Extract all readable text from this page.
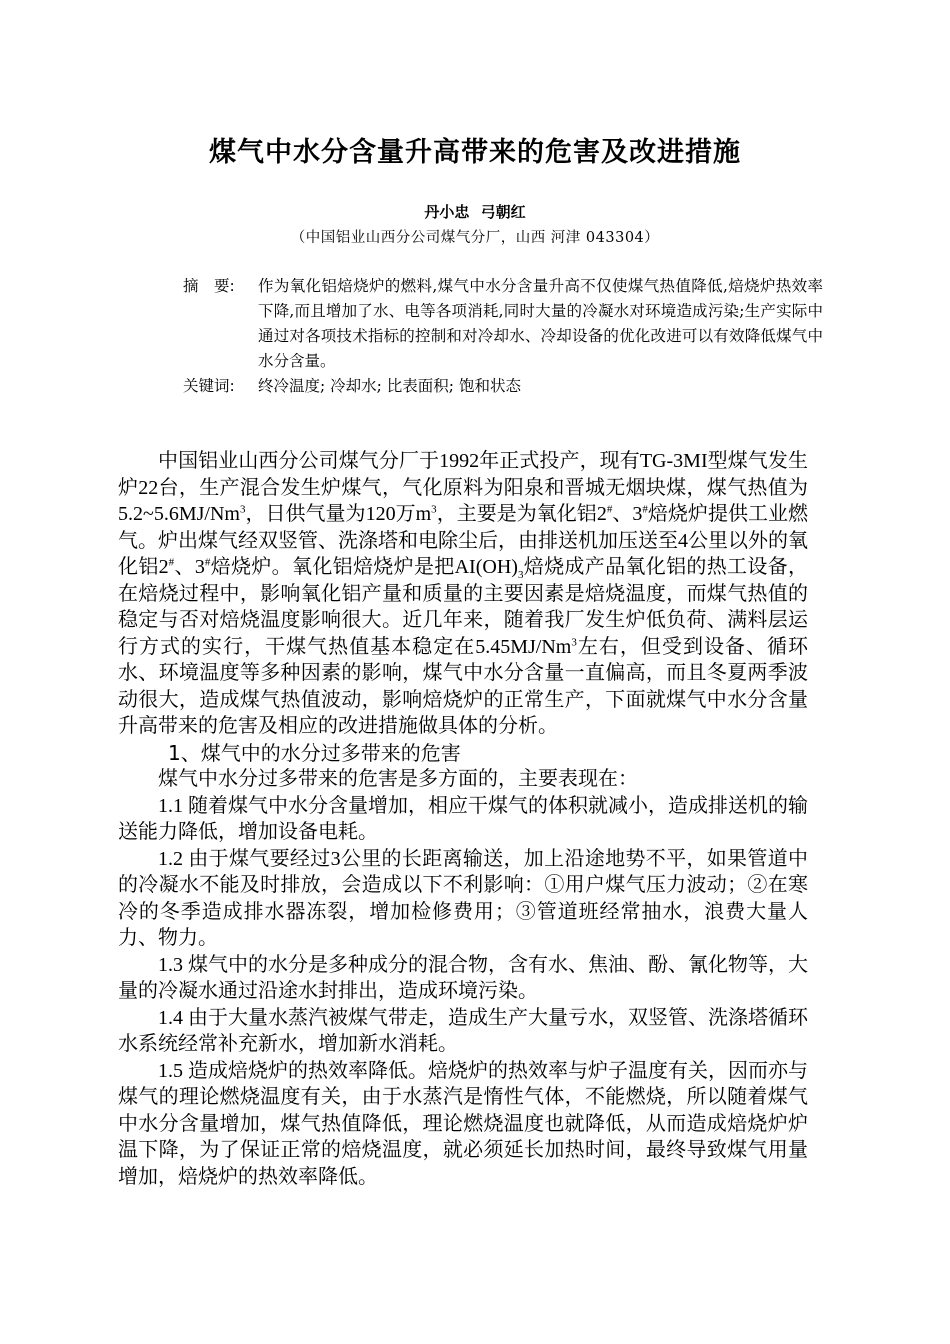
煤气中水分含量升高带来的危害及改进措施
丹小忠 弓朝红
（中国铝业山西分公司煤气分厂，山西 河津 043304）
摘　要:	作为氧化铝焙烧炉的燃料,煤气中水分含量升高不仅使煤气热值降低,焙烧炉热效率下降,而且增加了水、电等各项消耗,同时大量的冷凝水对环境造成污染;生产实际中通过对各项技术指标的控制和对冷却水、冷却设备的优化改进可以有效降低煤气中水分含量。
关键词:	终冷温度; 冷却水; 比表面积; 饱和状态

中国铝业山西分公司煤气分厂于1992年正式投产，现有TG-3MI型煤气发生炉22台，生产混合发生炉煤气，气化原料为阳泉和晋城无烟块煤，煤气热值为5.2~5.6MJ/Nm$^3$，日供气量为120万$m^3$，主要是为氧化铝2#、3#焙烧炉提供工业燃气。炉出煤气经双竖管、洗涤塔和电除尘后，由排送机加压送至4公里以外的氧化铝2#、3#焙烧炉。氧化铝焙烧炉是把$AI(OH)_3$焙烧成产品氧化铝的热工设备，在焙烧过程中，影响氧化铝产量和质量的主要因素是焙烧温度，而煤气热值的稳定与否对焙烧温度影响很大。近几年来，随着我厂发生炉低负荷、满料层运行方式的实行，干煤气热值基本稳定在5.45MJ/Nm$^3$左右，但受到设备、循环水、环境温度等多种因素的影响，煤气中水分含量一直偏高，而且冬夏两季波动很大，造成煤气热值波动，影响焙烧炉的正常生产，下面就煤气中水分含量升高带来的危害及相应的改进措施做具体的分析。

1、煤气中的水分过多带来的危害

煤气中水分过多带来的危害是多方面的，主要表现在：

1.1 随着煤气中水分含量增加，相应干煤气的体积就减小，造成排送机的输送能力降低，增加设备电耗。

1.2 由于煤气要经过3公里的长距离输送，加上沿途地势不平，如果管道中的冷凝水不能及时排放，会造成以下不利影响：①用户煤气压力波动；②在寒冷的冬季造成排水器冻裂，增加检修费用；③管道班经常抽水，浪费大量人力、物力。

1.3 煤气中的水分是多种成分的混合物，含有水、焦油、酚、氰化物等，大量的冷凝水通过沿途水封排出，造成环境污染。

1.4 由于大量水蒸汽被煤气带走，造成生产大量亏水，双竖管、洗涤塔循环水系统经常补充新水，增加新水消耗。

1.5 造成焙烧炉的热效率降低。焙烧炉的热效率与炉子温度有关，因而亦与煤气的理论燃烧温度有关，由于水蒸汽是惰性气体，不能燃烧，所以随着煤气中水分含量增加，煤气热值降低，理论燃烧温度也就降低，从而造成焙烧炉炉温下降，为了保证正常的焙烧温度，就必须延长加热时间，最终导致煤气用量增加，焙烧炉的热效率降低。
